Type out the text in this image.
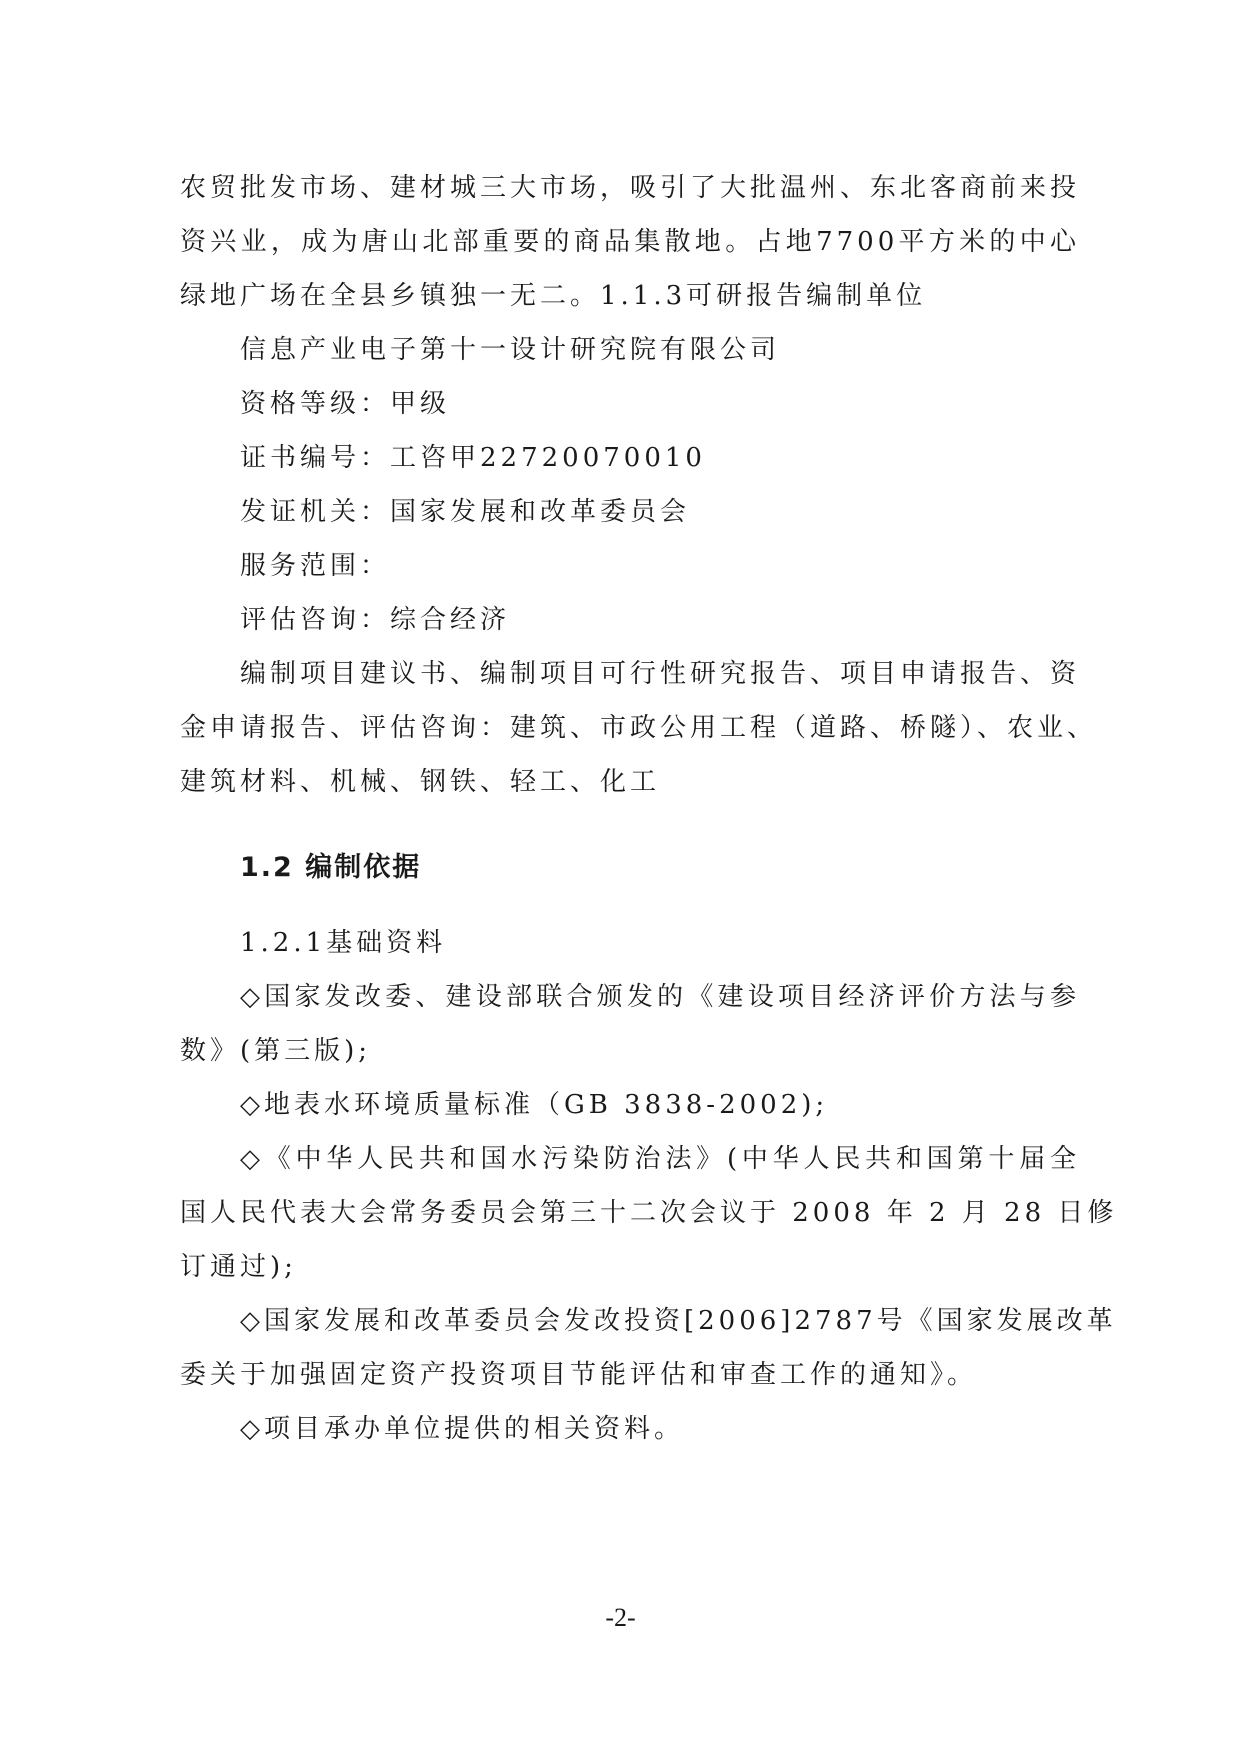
农贸批发市场、建材城三大市场，吸引了大批温州、东北客商前来投
资兴业，成为唐山北部重要的商品集散地。占地7700平方米的中心
绿地广场在全县乡镇独一无二。1.1.3可研报告编制单位
信息产业电子第十一设计研究院有限公司
资格等级：甲级
证书编号：工咨甲22720070010
发证机关：国家发展和改革委员会
服务范围：
评估咨询：综合经济
编制项目建议书、编制项目可行性研究报告、项目申请报告、资
金申请报告、评估咨询：建筑、市政公用工程（道路、桥隧）、农业、
建筑材料、机械、钢铁、轻工、化工
1.2 编制依据
1.2.1基础资料
◇国家发改委、建设部联合颁发的《建设项目经济评价方法与参
数》(第三版);
◇地表水环境质量标准（GB 3838-2002);
◇《中华人民共和国水污染防治法》(中华人民共和国第十届全
国人民代表大会常务委员会第三十二次会议于 2008 年 2 月 28 日修
订通过);
◇国家发展和改革委员会发改投资[2006]2787号《国家发展改革
委关于加强固定资产投资项目节能评估和审查工作的通知》。
◇项目承办单位提供的相关资料。
-2-
